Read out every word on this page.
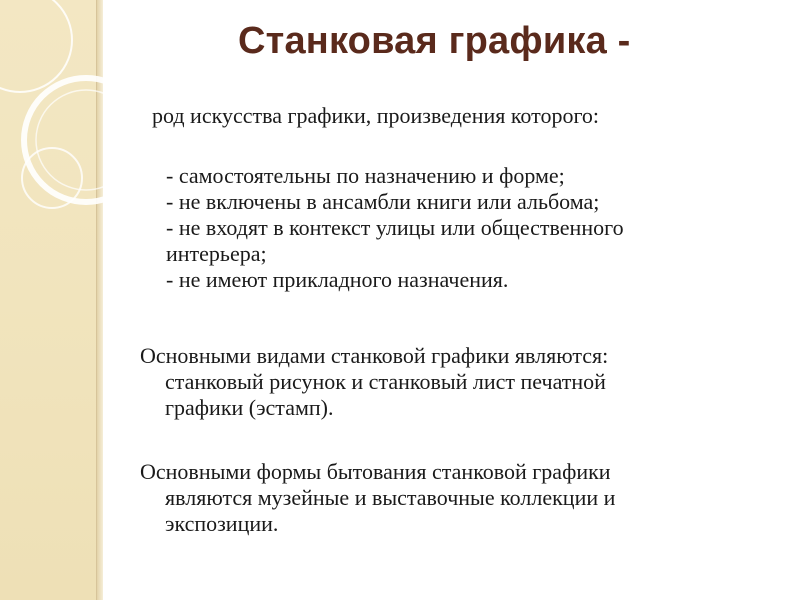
Станковая графика -
род искусства графики, произведения которого:
- самостоятельны по назначению и форме;
- не включены в ансамбли книги или альбома;
- не входят в контекст улицы или общественного
интерьера;
- не имеют прикладного назначения.
Основными видами станковой графики являются:
станковый рисунок и станковый лист печатной
графики (эстамп).
Основными формы бытования станковой графики
являются музейные и выставочные коллекции и
экспозиции.
